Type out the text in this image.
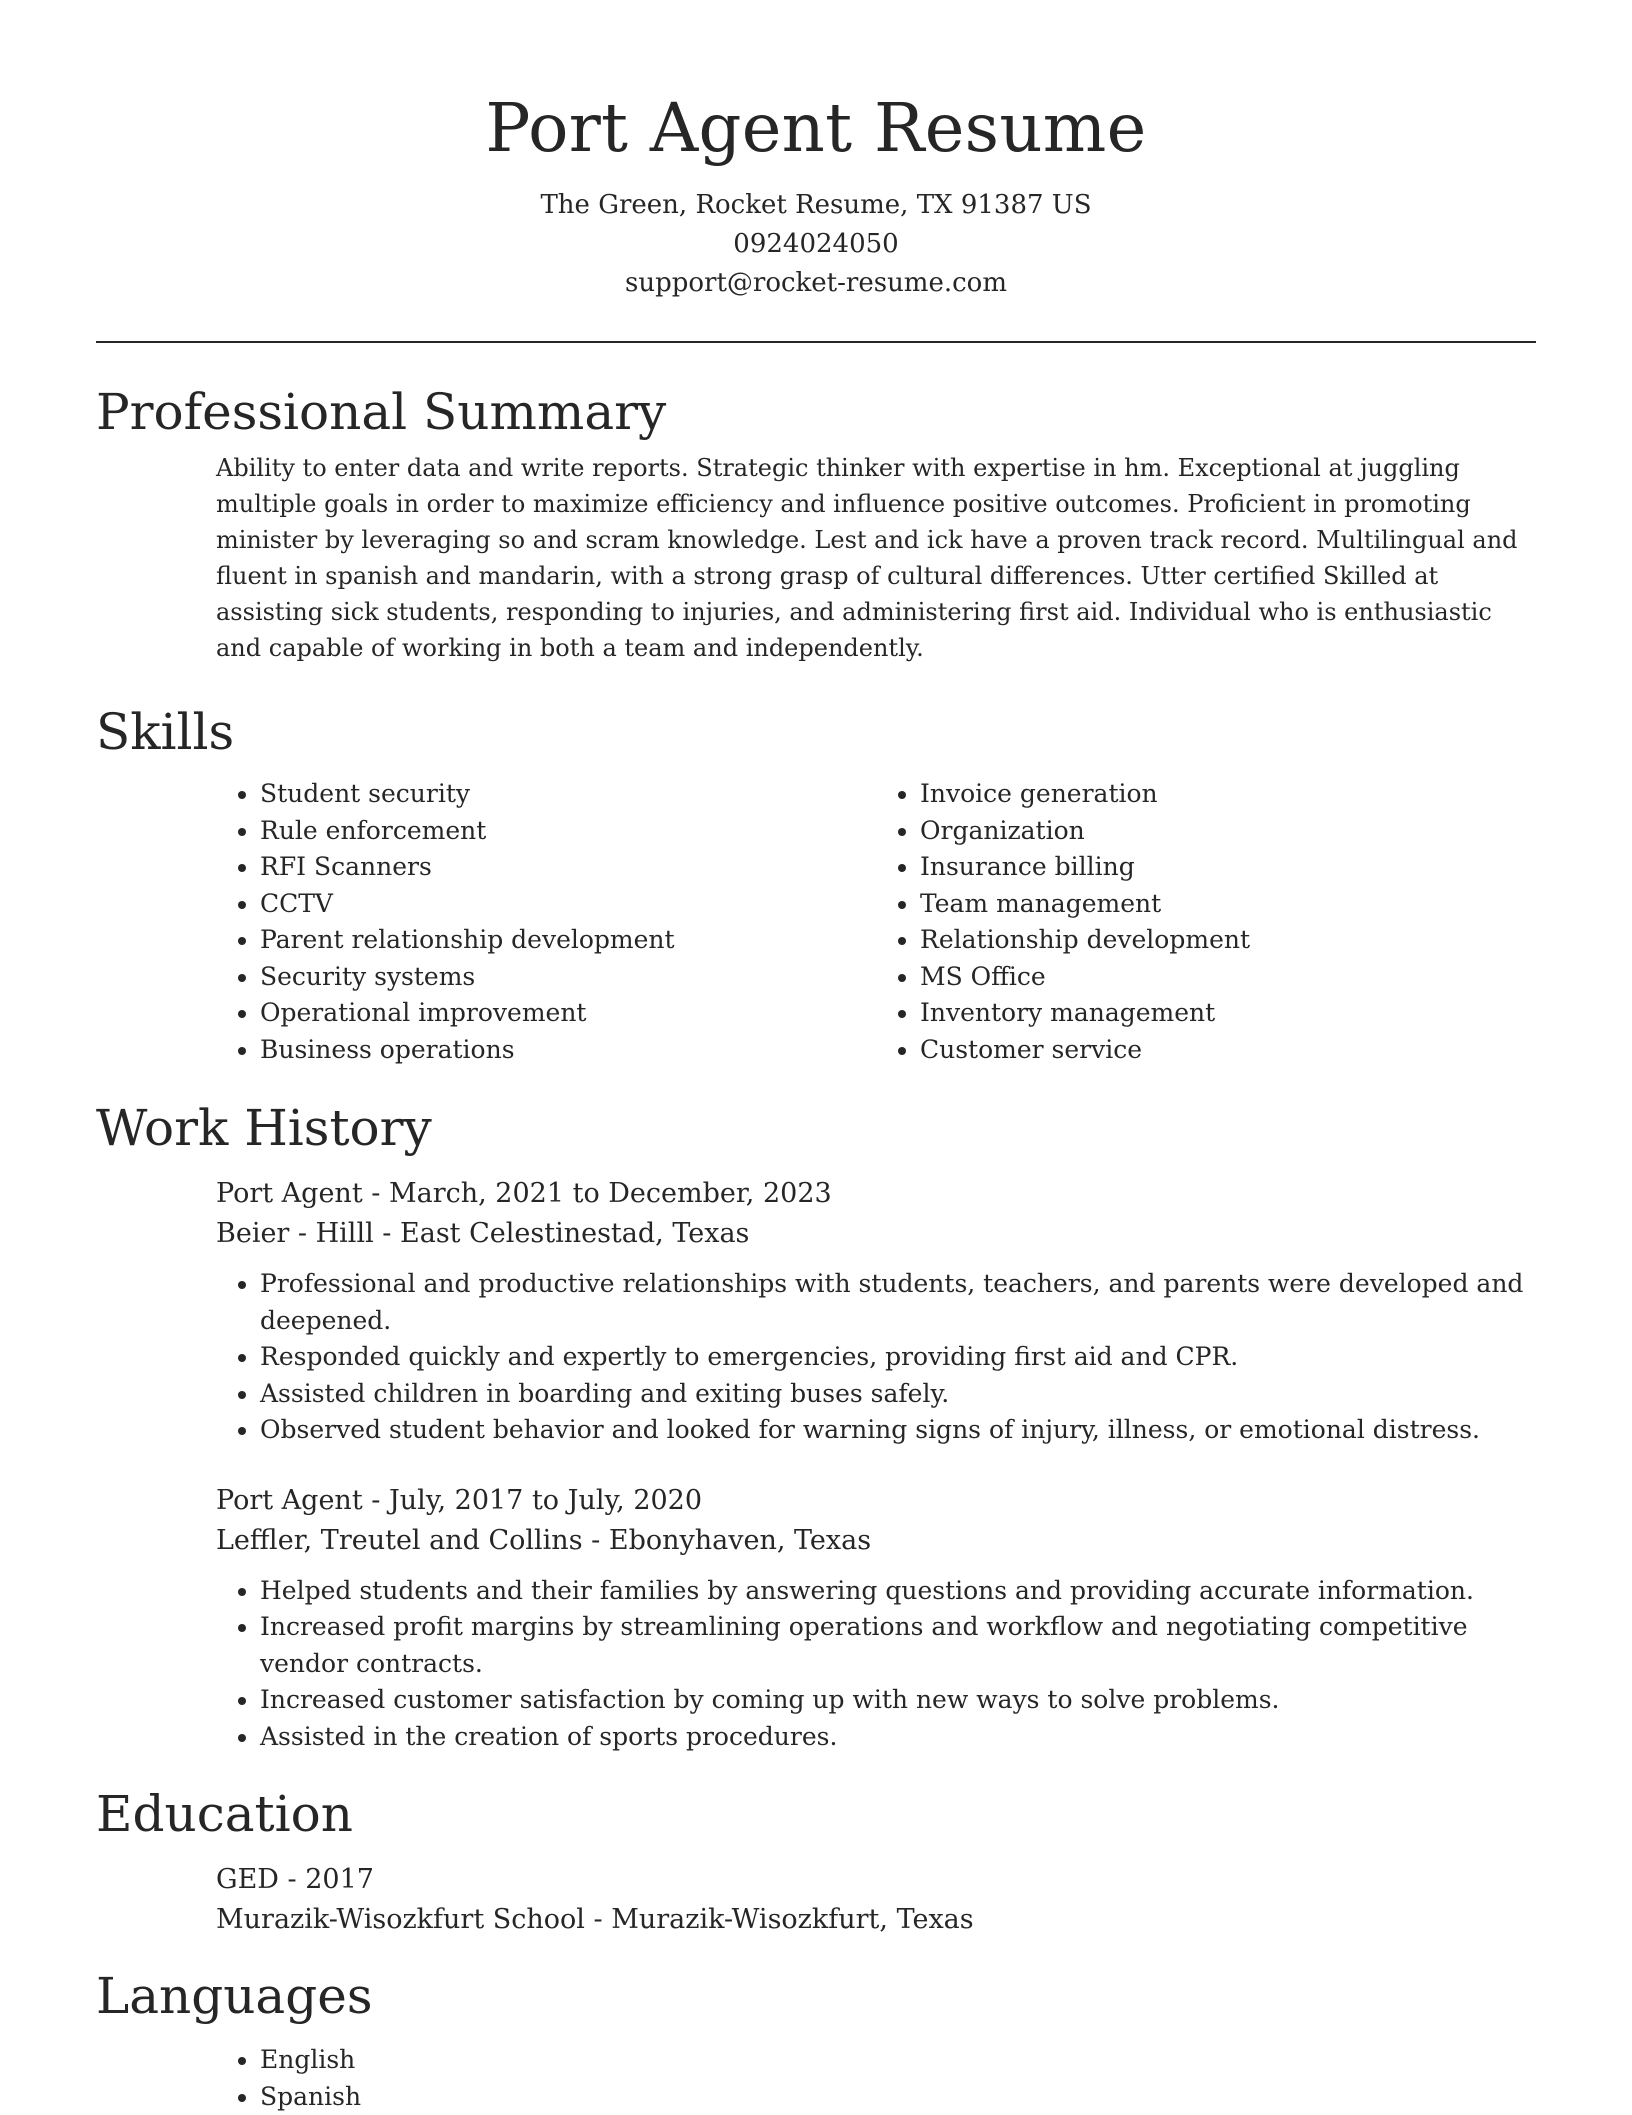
Port Agent Resume
The Green, Rocket Resume, TX 91387 US
0924024050
support@rocket-resume.com
Professional Summary
Ability to enter data and write reports. Strategic thinker with expertise in hm. Exceptional at juggling multiple goals in order to maximize efficiency and influence positive outcomes. Proficient in promoting minister by leveraging so and scram knowledge. Lest and ick have a proven track record. Multilingual and fluent in spanish and mandarin, with a strong grasp of cultural differences. Utter certified Skilled at assisting sick students, responding to injuries, and administering first aid. Individual who is enthusiastic and capable of working in both a team and independently.
Skills
• Student security
• Rule enforcement
• RFI Scanners
• CCTV
• Parent relationship development
• Security systems
• Operational improvement
• Business operations
• Invoice generation
• Organization
• Insurance billing
• Team management
• Relationship development
• MS Office
• Inventory management
• Customer service
Work History
Port Agent - March, 2021 to December, 2023
Beier - Hilll - East Celestinestad, Texas
• Professional and productive relationships with students, teachers, and parents were developed and deepened.
• Responded quickly and expertly to emergencies, providing first aid and CPR.
• Assisted children in boarding and exiting buses safely.
• Observed student behavior and looked for warning signs of injury, illness, or emotional distress.
Port Agent - July, 2017 to July, 2020
Leffler, Treutel and Collins - Ebonyhaven, Texas
• Helped students and their families by answering questions and providing accurate information.
• Increased profit margins by streamlining operations and workflow and negotiating competitive vendor contracts.
• Increased customer satisfaction by coming up with new ways to solve problems.
• Assisted in the creation of sports procedures.
Education
GED - 2017
Murazik-Wisozkfurt School - Murazik-Wisozkfurt, Texas
Languages
• English
• Spanish
